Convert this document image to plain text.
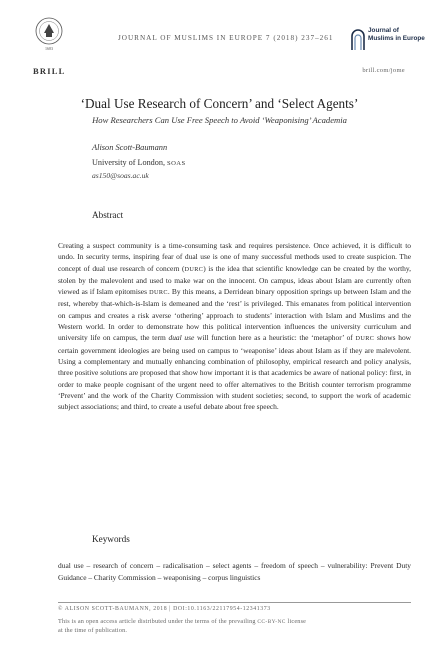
1683
BRILL
JOURNAL OF MUSLIMS IN EUROPE 7 (2018) 237–261
Journal of
Muslims in Europe
brill.com/jome
‘Dual Use Research of Concern’ and ‘Select Agents’
How Researchers Can Use Free Speech to Avoid ‘Weaponising’ Academia
Alison Scott-Baumann
University of London, SOAS
as150@soas.ac.uk
Abstract

Creating a suspect community is a time-consuming task and requires persistence. Once achieved, it is difficult to undo. In security terms, inspiring fear of dual use is one of many successful methods used to create suspicion. The concept of dual use research of concern (DURC) is the idea that scientific knowledge can be created by the worthy, stolen by the malevolent and used to make war on the innocent. On campus, ideas about Islam are currently often viewed as if Islam epitomises DURC. By this means, a Derridean binary opposition springs up between Islam and the rest, whereby that-which-is-Islam is demeaned and the ‘rest’ is privileged. This emanates from political intervention on campus and creates a risk averse ‘othering’ approach to students’ interaction with Islam and Muslims and the Western world. In order to demonstrate how this political intervention influences the university curriculum and university life on campus, the term dual use will function here as a heuristic: the ‘metaphor’ of DURC shows how certain government ideologies are being used on campus to ‘weaponise’ ideas about Islam as if they are malevolent. Using a complementary and mutually enhancing combination of philosophy, empirical research and policy analysis, three positive solutions are proposed that show how important it is that academics be aware of national policy: first, in order to make people cognisant of the urgent need to offer alternatives to the British counter terrorism programme ‘Prevent’ and the work of the Charity Commission with student societies; second, to support the work of academic subject associations; and third, to create a useful debate about free speech.

Keywords
dual use – research of concern – radicalisation – select agents – freedom of speech – vulnerability: Prevent Duty Guidance – Charity Commission – weaponising – corpus linguistics
© ALISON SCOTT-BAUMANN, 2018 | DOI:10.1163/22117954-12341373
This is an open access article distributed under the terms of the prevailing CC-BY-NC license
at the time of publication.
